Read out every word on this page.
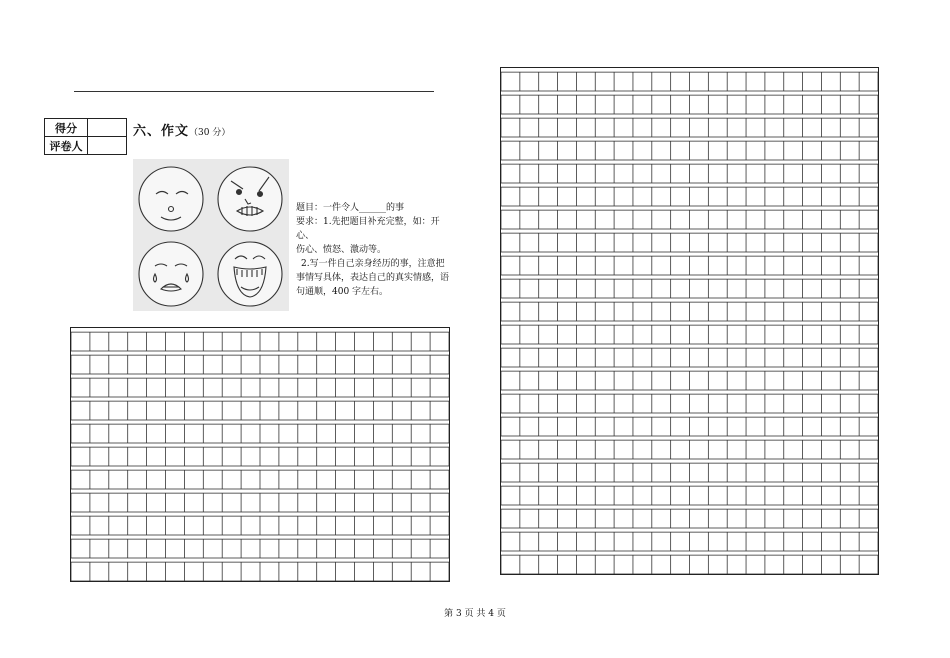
得分	
评卷人	
六、作文（30 分）

题目：一件令人______的事

要求：1.先把题目补充完整，如：开心、

伤心、愤怒、激动等。

2.写一件自己亲身经历的事，注意把

事情写具体，表达自己的真实情感，语

句通顺，400 字左右。

第 3 页 共 4 页
